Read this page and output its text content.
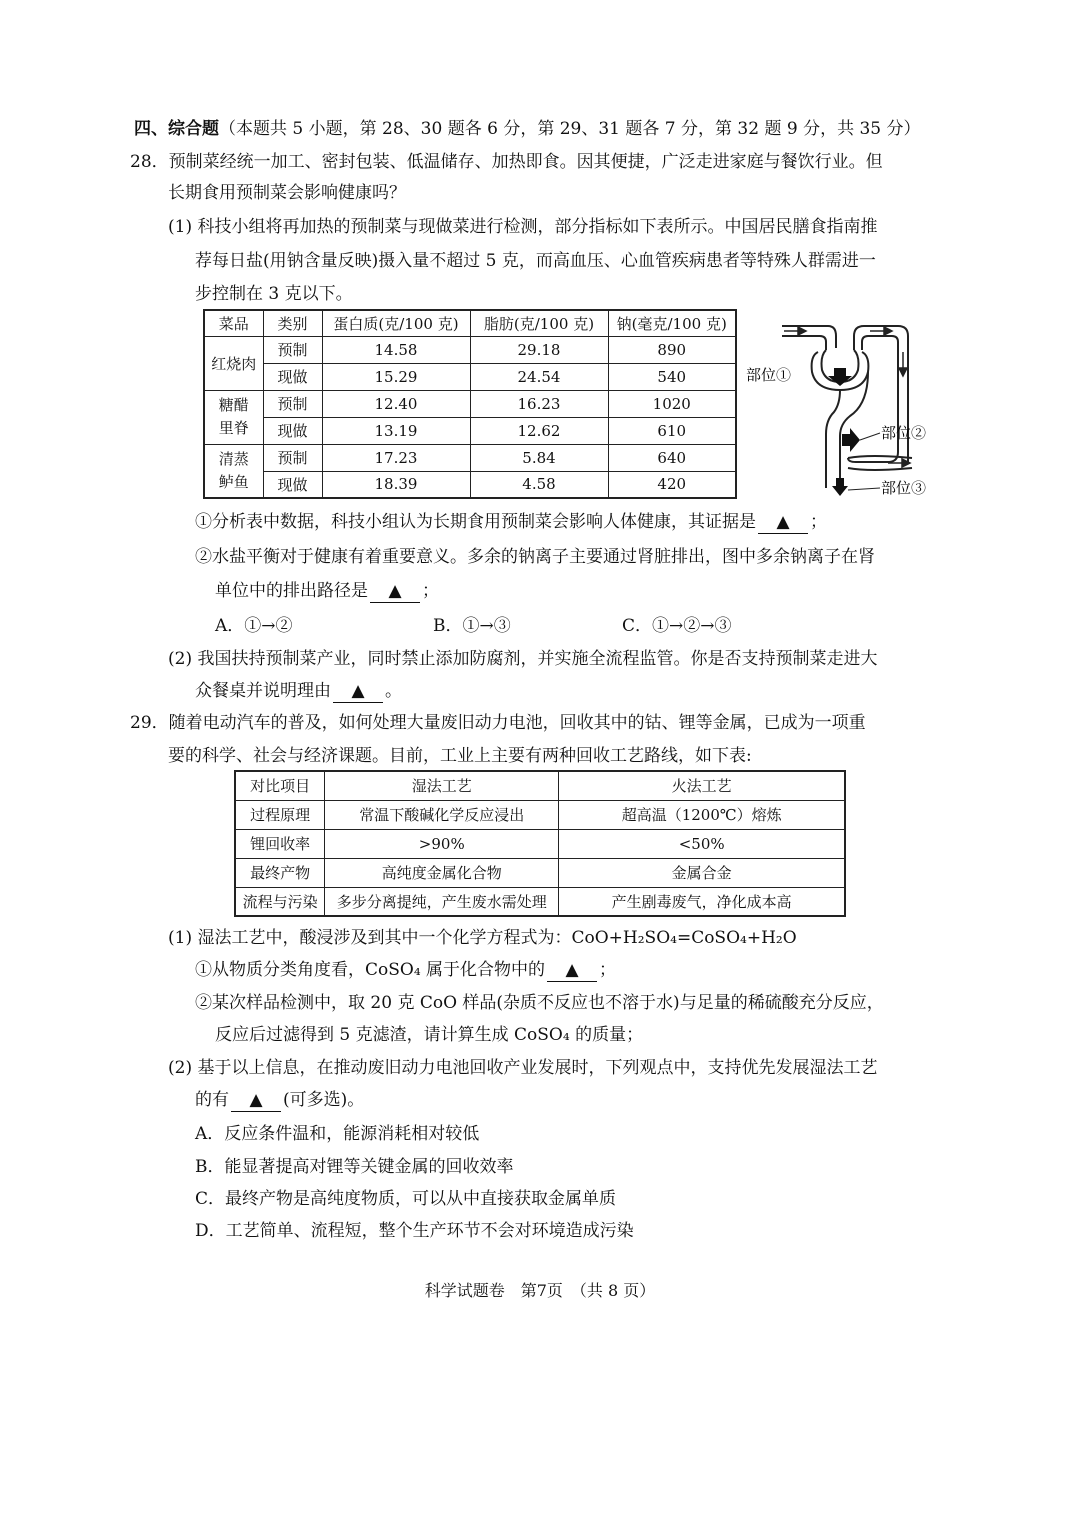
四、综合题（本题共 5 小题，第 28、30 题各 6 分，第 29、31 题各 7 分，第 32 题 9 分，共 35 分）
28．预制菜经统一加工、密封包装、低温储存、加热即食。因其便捷，广泛走进家庭与餐饮行业。但
长期食用预制菜会影响健康吗？
(1) 科技小组将再加热的预制菜与现做菜进行检测，部分指标如下表所示。中国居民膳食指南推
荐每日盐(用钠含量反映)摄入量不超过 5 克，而高血压、心血管疾病患者等特殊人群需进一
步控制在 3 克以下。
菜品	类别	蛋白质(克/100 克)	脂肪(克/100 克)	钠(毫克/100 克)
红烧肉	预制	14.58	29.18	890
	现做	15.29	24.54	540
糖醋
里脊	预制	12.40	16.23	1020
	现做	13.19	12.62	610
清蒸
鲈鱼	预制	17.23	5.84	640
	现做	18.39	4.58	420
部位①
部位②
部位③
①分析表中数据，科技小组认为长期食用预制菜会影响人体健康，其证据是 ▲ ；
②水盐平衡对于健康有着重要意义。多余的钠离子主要通过肾脏排出，图中多余钠离子在肾
单位中的排出路径是 ▲ ；
A．①→②	B．①→③	C．①→②→③
(2) 我国扶持预制菜产业，同时禁止添加防腐剂，并实施全流程监管。你是否支持预制菜走进大
众餐桌并说明理由 ▲ 。
29．随着电动汽车的普及，如何处理大量废旧动力电池，回收其中的钴、锂等金属，已成为一项重
要的科学、社会与经济课题。目前，工业上主要有两种回收工艺路线，如下表:
对比项目	湿法工艺	火法工艺
过程原理	常温下酸碱化学反应浸出	超高温（1200℃）熔炼
锂回收率	>90%	<50%
最终产物	高纯度金属化合物	金属合金
流程与污染	多步分离提纯，产生废水需处理	产生剧毒废气，净化成本高
(1) 湿法工艺中，酸浸涉及到其中一个化学方程式为：CoO+H₂SO₄=CoSO₄+H₂O
①从物质分类角度看，CoSO₄ 属于化合物中的 ▲ ；
②某次样品检测中，取 20 克 CoO 样品(杂质不反应也不溶于水)与足量的稀硫酸充分反应，
反应后过滤得到 5 克滤渣，请计算生成 CoSO₄ 的质量；
(2) 基于以上信息，在推动废旧动力电池回收产业发展时，下列观点中，支持优先发展湿法工艺
的有 ▲ (可多选)。
A．反应条件温和，能源消耗相对较低
B．能显著提高对锂等关键金属的回收效率
C．最终产物是高纯度物质，可以从中直接获取金属单质
D．工艺简单、流程短，整个生产环节不会对环境造成污染
科学试题卷　第7页　（共 8 页）
